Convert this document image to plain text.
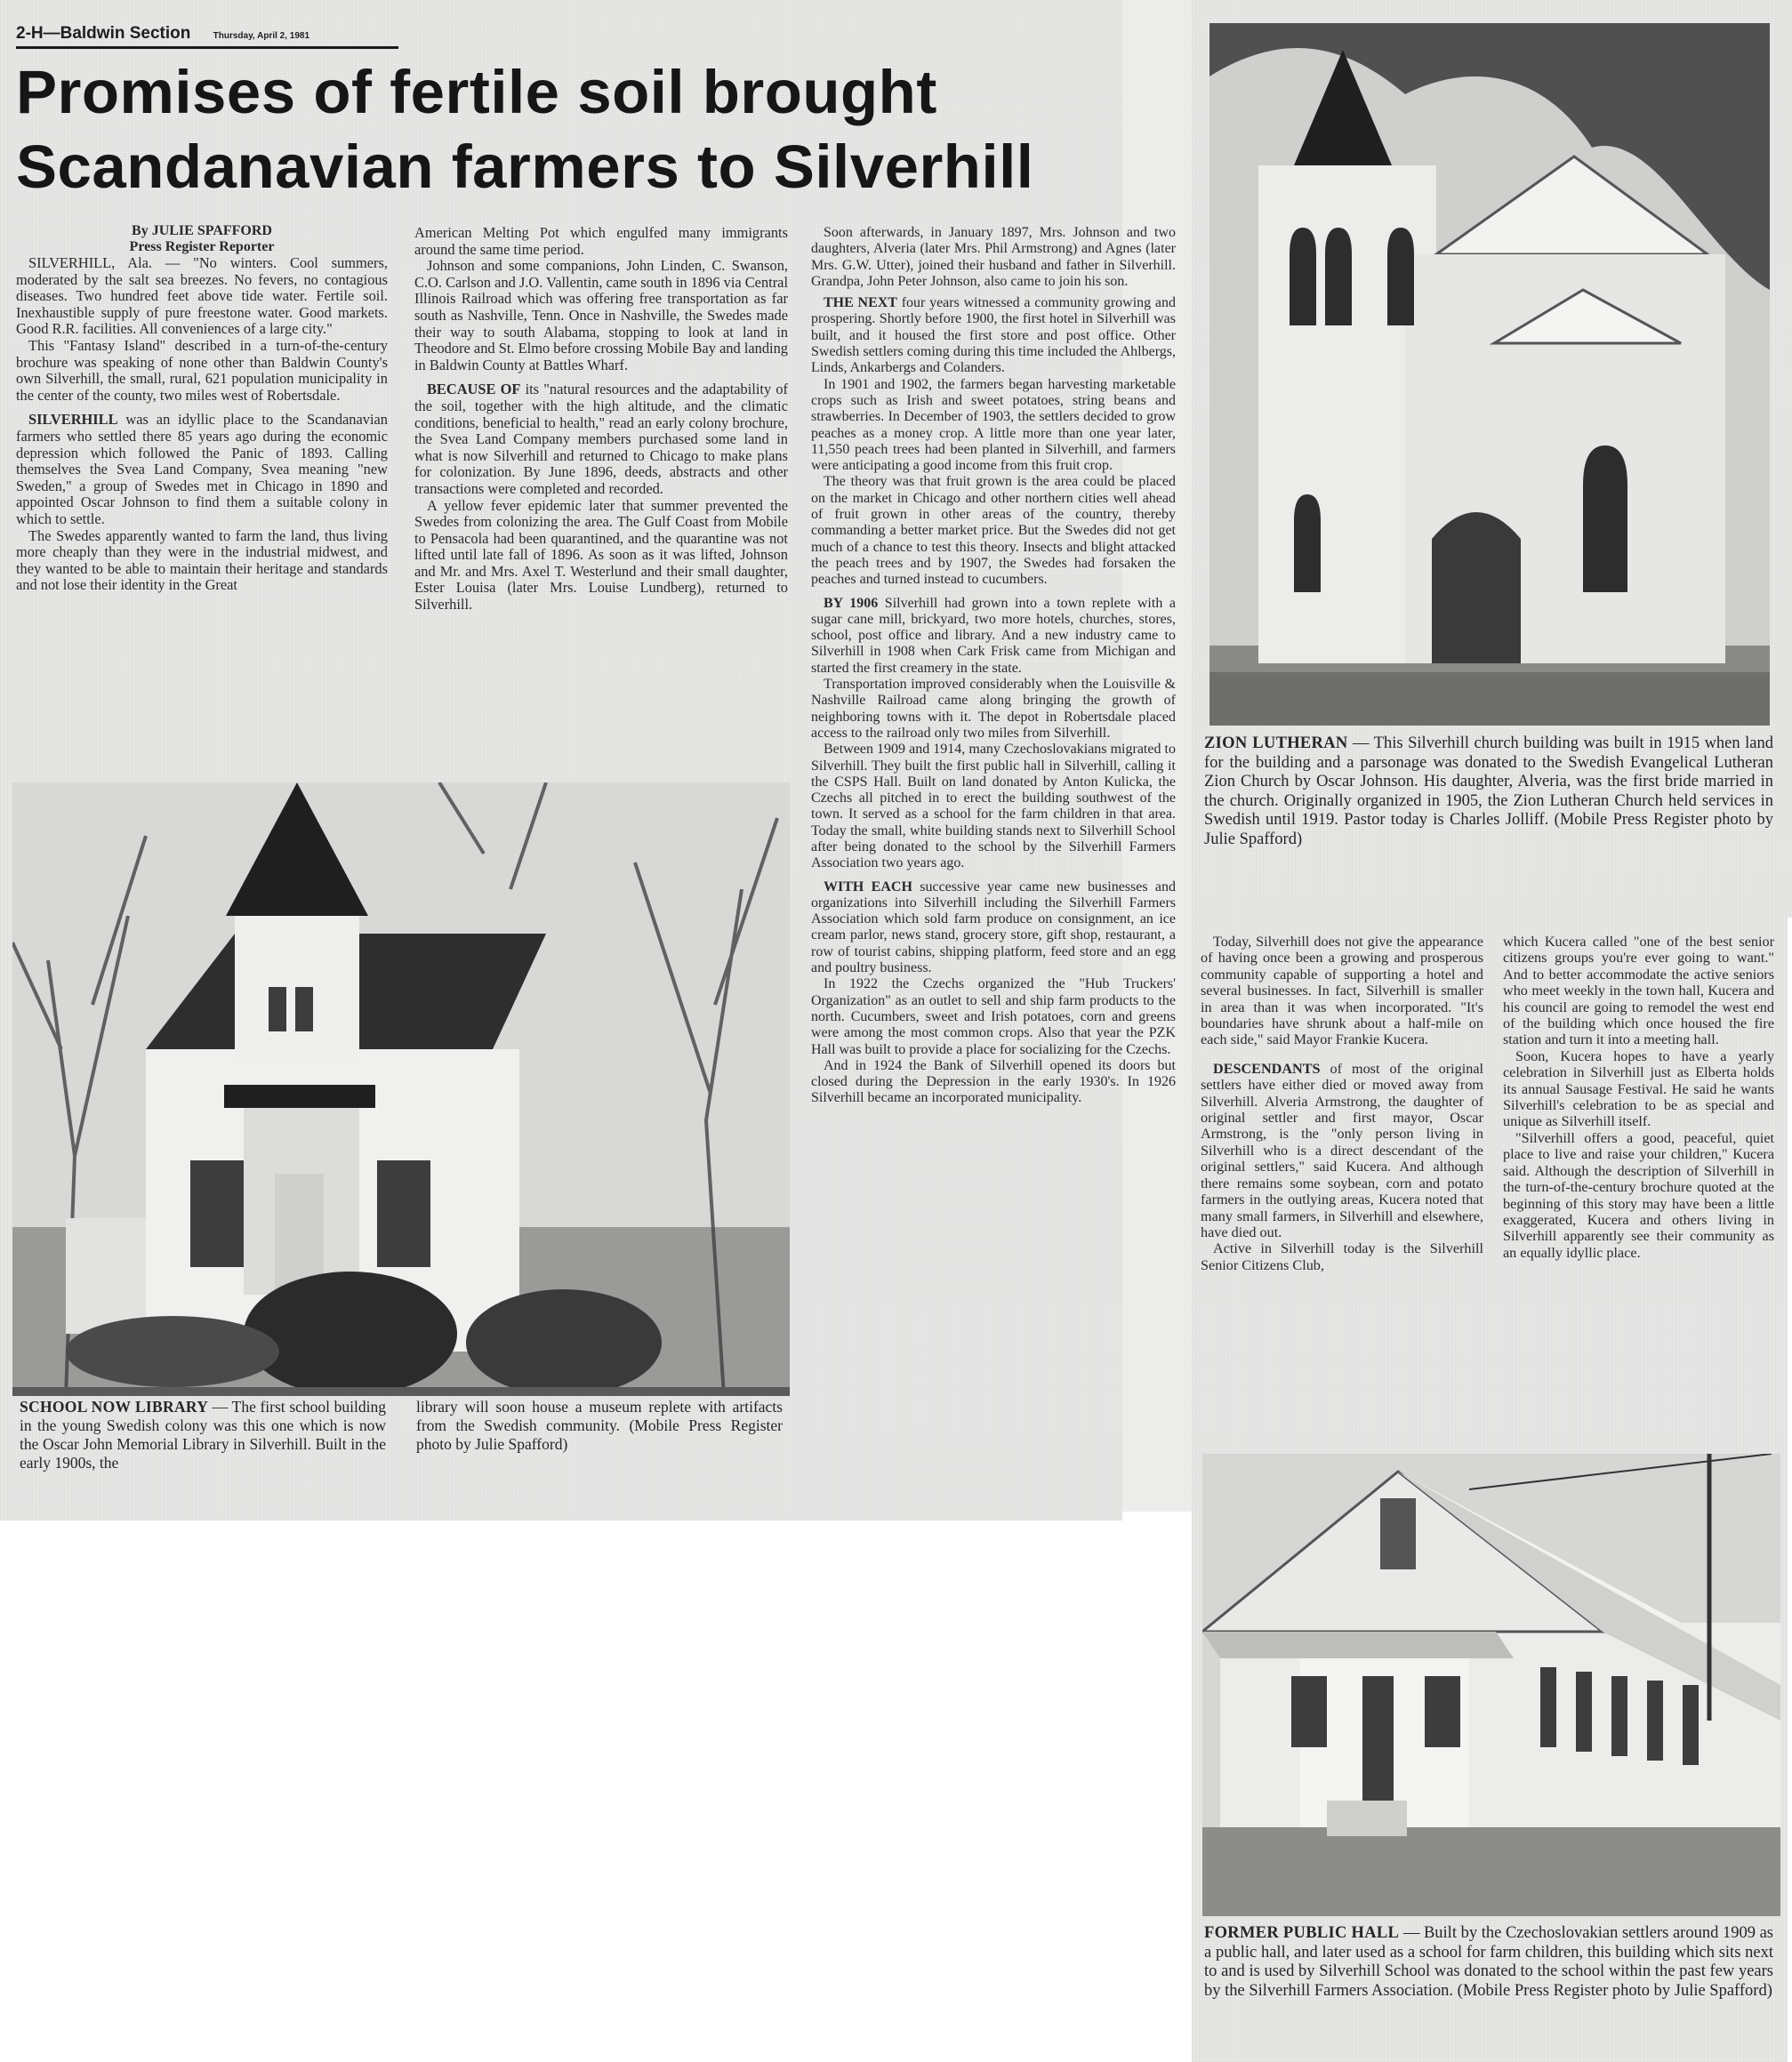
2-H—Baldwin Section	Thursday, April 2, 1981
Promises of fertile soil brought
Scandanavian farmers to Silverhill
By JULIE SPAFFORD
Press Register Reporter

SILVERHILL, Ala. — "No winters. Cool summers, moderated by the salt sea breezes. No fevers, no contagious diseases. Two hundred feet above tide water. Fertile soil. Inexhaustible supply of pure freestone water. Good markets. Good R.R. facilities. All conveniences of a large city."

This "Fantasy Island" described in a turn-of-the-century brochure was speaking of none other than Baldwin County's own Silverhill, the small, rural, 621 population municipality in the center of the county, two miles west of Robertsdale.

SILVERHILL was an idyllic place to the Scandanavian farmers who settled there 85 years ago during the economic depression which followed the Panic of 1893. Calling themselves the Svea Land Company, Svea meaning "new Sweden," a group of Swedes met in Chicago in 1890 and appointed Oscar Johnson to find them a suitable colony in which to settle.

The Swedes apparently wanted to farm the land, thus living more cheaply than they were in the industrial midwest, and they wanted to be able to maintain their heritage and standards and not lose their identity in the Great

American Melting Pot which engulfed many immigrants around the same time period.

Johnson and some companions, John Linden, C. Swanson, C.O. Carlson and J.O. Vallentin, came south in 1896 via Central Illinois Railroad which was offering free transportation as far south as Nashville, Tenn. Once in Nashville, the Swedes made their way to south Alabama, stopping to look at land in Theodore and St. Elmo before crossing Mobile Bay and landing in Baldwin County at Battles Wharf.

BECAUSE OF its "natural resources and the adaptability of the soil, together with the high altitude, and the climatic conditions, beneficial to health," read an early colony brochure, the Svea Land Company members purchased some land in what is now Silverhill and returned to Chicago to make plans for colonization. By June 1896, deeds, abstracts and other transactions were completed and recorded.

A yellow fever epidemic later that summer prevented the Swedes from colonizing the area. The Gulf Coast from Mobile to Pensacola had been quarantined, and the quarantine was not lifted until late fall of 1896. As soon as it was lifted, Johnson and Mr. and Mrs. Axel T. Westerlund and their small daughter, Ester Louisa (later Mrs. Louise Lundberg), returned to Silverhill.

Soon afterwards, in January 1897, Mrs. Johnson and two daughters, Alveria (later Mrs. Phil Armstrong) and Agnes (later Mrs. G.W. Utter), joined their husband and father in Silverhill. Grandpa, John Peter Johnson, also came to join his son.

THE NEXT four years witnessed a community growing and prospering. Shortly before 1900, the first hotel in Silverhill was built, and it housed the first store and post office. Other Swedish settlers coming during this time included the Ahlbergs, Linds, Ankarbergs and Colanders.

In 1901 and 1902, the farmers began harvesting marketable crops such as Irish and sweet potatoes, string beans and strawberries. In December of 1903, the settlers decided to grow peaches as a money crop. A little more than one year later, 11,550 peach trees had been planted in Silverhill, and farmers were anticipating a good income from this fruit crop.

The theory was that fruit grown is the area could be placed on the market in Chicago and other northern cities well ahead of fruit grown in other areas of the country, thereby commanding a better market price. But the Swedes did not get much of a chance to test this theory. Insects and blight attacked the peach trees and by 1907, the Swedes had forsaken the peaches and turned instead to cucumbers.

BY 1906 Silverhill had grown into a town replete with a sugar cane mill, brickyard, two more hotels, churches, stores, school, post office and library. And a new industry came to Silverhill in 1908 when Cark Frisk came from Michigan and started the first creamery in the state.

Transportation improved considerably when the Louisville & Nashville Railroad came along bringing the growth of neighboring towns with it. The depot in Robertsdale placed access to the railroad only two miles from Silverhill.

Between 1909 and 1914, many Czechoslovakians migrated to Silverhill. They built the first public hall in Silverhill, calling it the CSPS Hall. Built on land donated by Anton Kulicka, the Czechs all pitched in to erect the building southwest of the town. It served as a school for the farm children in that area. Today the small, white building stands next to Silverhill School after being donated to the school by the Silverhill Farmers Association two years ago.

WITH EACH successive year came new businesses and organizations into Silverhill including the Silverhill Farmers Association which sold farm produce on consignment, an ice cream parlor, news stand, grocery store, gift shop, restaurant, a row of tourist cabins, shipping platform, feed store and an egg and poultry business.

In 1922 the Czechs organized the "Hub Truckers' Organization" as an outlet to sell and ship farm products to the north. Cucumbers, sweet and Irish potatoes, corn and greens were among the most common crops. Also that year the PZK Hall was built to provide a place for socializing for the Czechs.

And in 1924 the Bank of Silverhill opened its doors but closed during the Depression in the early 1930's. In 1926 Silverhill became an incorporated municipality.

SCHOOL NOW LIBRARY — The first school building in the young Swedish colony was this one which is now the Oscar John Memorial Library in Silverhill. Built in the early 1900s, the
library will soon house a museum replete with artifacts from the Swedish community. (Mobile Press Register photo by Julie Spafford)
ZION LUTHERAN — This Silverhill church building was built in 1915 when land for the building and a parsonage was donated to the Swedish Evangelical Lutheran Zion Church by Oscar Johnson. His daughter, Alveria, was the first bride married in the church. Originally organized in 1905, the Zion Lutheran Church held services in Swedish until 1919. Pastor today is Charles Jolliff. (Mobile Press Register photo by Julie Spafford)

Today, Silverhill does not give the appearance of having once been a growing and prosperous community capable of supporting a hotel and several businesses. In fact, Silverhill is smaller in area than it was when incorporated. "It's boundaries have shrunk about a half-mile on each side," said Mayor Frankie Kucera.

DESCENDANTS of most of the original settlers have either died or moved away from Silverhill. Alveria Armstrong, the daughter of original settler and first mayor, Oscar Armstrong, is the "only person living in Silverhill who is a direct descendant of the original settlers," said Kucera. And although there remains some soybean, corn and potato farmers in the outlying areas, Kucera noted that many small farmers, in Silverhill and elsewhere, have died out.

Active in Silverhill today is the Silverhill Senior Citizens Club,

which Kucera called "one of the best senior citizens groups you're ever going to want." And to better accommodate the active seniors who meet weekly in the town hall, Kucera and his council are going to remodel the west end of the building which once housed the fire station and turn it into a meeting hall.

Soon, Kucera hopes to have a yearly celebration in Silverhill just as Elberta holds its annual Sausage Festival. He said he wants Silverhill's celebration to be as special and unique as Silverhill itself.

"Silverhill offers a good, peaceful, quiet place to live and raise your children," Kucera said. Although the description of Silverhill in the turn-of-the-century brochure quoted at the beginning of this story may have been a little exaggerated, Kucera and others living in Silverhill apparently see their community as an equally idyllic place.

FORMER PUBLIC HALL — Built by the Czechoslovakian settlers around 1909 as a public hall, and later used as a school for farm children, this building which sits next to and is used by Silverhill School was donated to the school within the past few years by the Silverhill Farmers Association. (Mobile Press Register photo by Julie Spafford)
